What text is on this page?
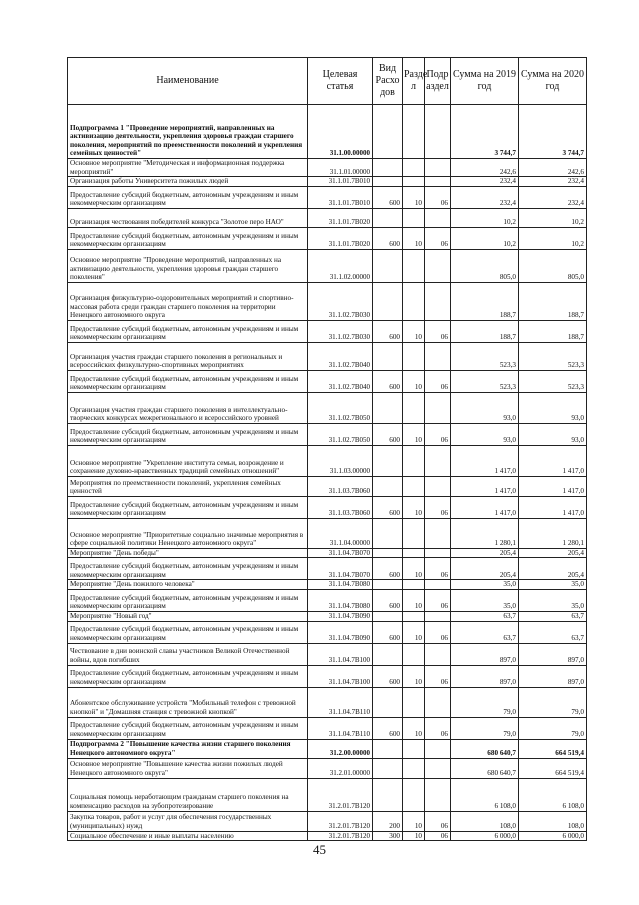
Наименование	Целевая статья	Вид Расхо дов	Разде л	Подр аздел	Сумма на 2019 год	Сумма на 2020 год
Подпрограмма 1 "Проведение мероприятий, направленных на активизацию деятельности, укрепления здоровья граждан старшего поколения, мероприятий по преемственности поколений и укрепления семейных ценностей"	31.1.00.00000				3 744,7	3 744,7
Основное мероприятие "Методическая и информационная поддержка мероприятий"	31.1.01.00000				242,6	242,6
Организация работы Университета пожилых людей	31.1.01.7В010				232,4	232,4
Предоставление субсидий бюджетным, автономным учреждениям и иным некоммерческим организациям	31.1.01.7В010	600	10	06	232,4	232,4
Организация чествования победителей конкурса "Золотое перо НАО"	31.1.01.7В020				10,2	10,2
Предоставление субсидий бюджетным, автономным учреждениям и иным некоммерческим организациям	31.1.01.7В020	600	10	06	10,2	10,2
Основное мероприятие "Проведение мероприятий, направленных на активизацию деятельности, укрепления здоровья граждан старшего поколения"	31.1.02.00000				805,0	805,0
Организация физкультурно-оздоровительных мероприятий и спортивно-массовая работа среди граждан старшего поколения на территории Ненецкого автономного округа	31.1.02.7В030				188,7	188,7
Предоставление субсидий бюджетным, автономным учреждениям и иным некоммерческим организациям	31.1.02.7В030	600	10	06	188,7	188,7
Организация участия граждан старшего поколения в региональных и всероссийских физкультурно-спортивных мероприятиях	31.1.02.7В040				523,3	523,3
Предоставление субсидий бюджетным, автономным учреждениям и иным некоммерческим организациям	31.1.02.7В040	600	10	06	523,3	523,3
Организация участия граждан старшего поколения в интеллектуально-творческих конкурсах межрегионального и всероссийского уровней	31.1.02.7В050				93,0	93,0
Предоставление субсидий бюджетным, автономным учреждениям и иным некоммерческим организациям	31.1.02.7В050	600	10	06	93,0	93,0
Основное мероприятие "Укрепление института семьи, возрождение и сохранение духовно-нравственных традиций семейных отношений"	31.1.03.00000				1 417,0	1 417,0
Мероприятия по преемственности поколений, укрепления семейных ценностей	31.1.03.7В060				1 417,0	1 417,0
Предоставление субсидий бюджетным, автономным учреждениям и иным некоммерческим организациям	31.1.03.7В060	600	10	06	1 417,0	1 417,0
Основное мероприятие "Приоритетные социально значимые мероприятия в сфере социальной политики Ненецкого автономного округа"	31.1.04.00000				1 280,1	1 280,1
Мероприятие "День победы"	31.1.04.7В070				205,4	205,4
Предоставление субсидий бюджетным, автономным учреждениям и иным некоммерческим организациям	31.1.04.7В070	600	10	06	205,4	205,4
Мероприятие "День пожилого человека"	31.1.04.7В080				35,0	35,0
Предоставление субсидий бюджетным, автономным учреждениям и иным некоммерческим организациям	31.1.04.7В080	600	10	06	35,0	35,0
Мероприятие "Новый год"	31.1.04.7В090				63,7	63,7
Предоставление субсидий бюджетным, автономным учреждениям и иным некоммерческим организациям	31.1.04.7В090	600	10	06	63,7	63,7
Чествование в дни воинской славы участников Великой Отечественной войны, вдов погибших	31.1.04.7В100				897,0	897,0
Предоставление субсидий бюджетным, автономным учреждениям и иным некоммерческим организациям	31.1.04.7В100	600	10	06	897,0	897,0
Абонентское обслуживание устройств "Мобильный телефон с тревожной кнопкой" и "Домашняя станция с тревожной кнопкой"	31.1.04.7В110				79,0	79,0
Предоставление субсидий бюджетным, автономным учреждениям и иным некоммерческим организациям	31.1.04.7В110	600	10	06	79,0	79,0
Подпрограмма 2 "Повышение качества жизни старшего поколения Ненецкого автономного округа"	31.2.00.00000				680 640,7	664 519,4
Основное мероприятие "Повышение качества жизни пожилых людей Ненецкого автономного округа"	31.2.01.00000				680 640,7	664 519,4
Социальная помощь неработающим гражданам старшего поколения на компенсацию расходов на зубопротезирование	31.2.01.7В120				6 108,0	6 108,0
Закупка товаров, работ и услуг для обеспечения государственных (муниципальных) нужд	31.2.01.7В120	200	10	06	108,0	108,0
Социальное обеспечение и иные выплаты населению	31.2.01.7В120	300	10	06	6 000,0	6 000,0
45
